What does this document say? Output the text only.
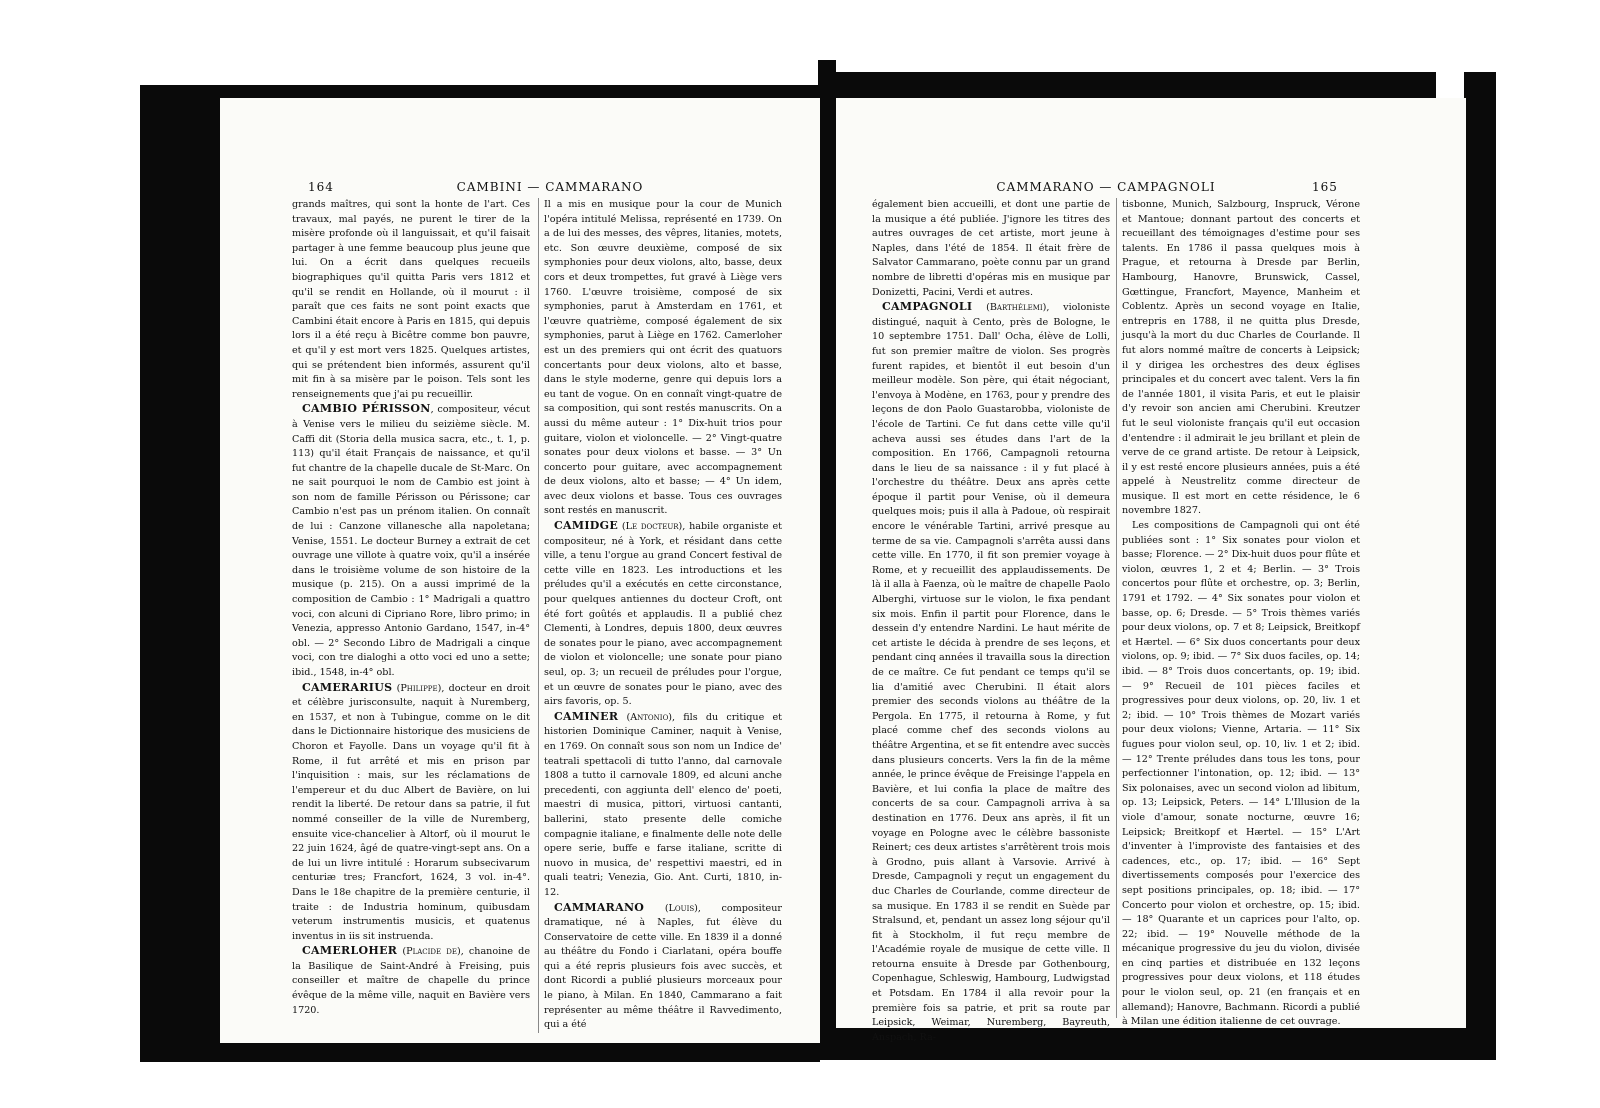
164	CAMBINI — CAMMARANO

grands maîtres, qui sont la honte de l'art. Ces travaux, mal payés, ne purent le tirer de la misère profonde où il languissait, et qu'il faisait partager à une femme beaucoup plus jeune que lui. On a écrit dans quelques recueils biographiques qu'il quitta Paris vers 1812 et qu'il se rendit en Hollande, où il mourut : il paraît que ces faits ne sont point exacts que Cambini était encore à Paris en 1815, qui depuis lors il a été reçu à Bicêtre comme bon pauvre, et qu'il y est mort vers 1825. Quelques artistes, qui se prétendent bien informés, assurent qu'il mit fin à sa misère par le poison. Tels sont les renseignements que j'ai pu recueillir.

CAMBIO PÉRISSON, compositeur, vécut à Venise vers le milieu du seizième siècle. M. Caffi dit (Storia della musica sacra, etc., t. 1, p. 113) qu'il était Français de naissance, et qu'il fut chantre de la chapelle ducale de St-Marc. On ne sait pourquoi le nom de Cambio est joint à son nom de famille Périsson ou Périssone; car Cambio n'est pas un prénom italien. On connaît de lui : Canzone villanesche alla napoletana; Venise, 1551. Le docteur Burney a extrait de cet ouvrage une villote à quatre voix, qu'il a insérée dans le troisième volume de son histoire de la musique (p. 215). On a aussi imprimé de la composition de Cambio : 1° Madrigali a quattro voci, con alcuni di Cipriano Rore, libro primo; in Venezia, appresso Antonio Gardano, 1547, in-4° obl. — 2° Secondo Libro de Madrigali a cinque voci, con tre dialoghi a otto voci ed uno a sette; ibid., 1548, in-4° obl.

CAMERARIUS (Philippe), docteur en droit et célèbre jurisconsulte, naquit à Nuremberg, en 1537, et non à Tubingue, comme on le dit dans le Dictionnaire historique des musiciens de Choron et Fayolle. Dans un voyage qu'il fit à Rome, il fut arrêté et mis en prison par l'inquisition : mais, sur les réclamations de l'empereur et du duc Albert de Bavière, on lui rendit la liberté. De retour dans sa patrie, il fut nommé conseiller de la ville de Nuremberg, ensuite vice-chancelier à Altorf, où il mourut le 22 juin 1624, âgé de quatre-vingt-sept ans. On a de lui un livre intitulé : Horarum subsecivarum centuriæ tres; Francfort, 1624, 3 vol. in-4°. Dans le 18e chapitre de la première centurie, il traite : de Industria hominum, quibusdam veterum instrumentis musicis, et quatenus inventus in iis sit instruenda.

CAMERLOHER (Placide de), chanoine de la Basilique de Saint-André à Freising, puis conseiller et maître de chapelle du prince évêque de la même ville, naquit en Bavière vers 1720.

Il a mis en musique pour la cour de Munich l'opéra intitulé Melissa, représenté en 1739. On a de lui des messes, des vêpres, litanies, motets, etc. Son œuvre deuxième, composé de six symphonies pour deux violons, alto, basse, deux cors et deux trompettes, fut gravé à Liège vers 1760. L'œuvre troisième, composé de six symphonies, parut à Amsterdam en 1761, et l'œuvre quatrième, composé également de six symphonies, parut à Liège en 1762. Camerloher est un des premiers qui ont écrit des quatuors concertants pour deux violons, alto et basse, dans le style moderne, genre qui depuis lors a eu tant de vogue. On en connaît vingt-quatre de sa composition, qui sont restés manuscrits. On a aussi du même auteur : 1° Dix-huit trios pour guitare, violon et violoncelle. — 2° Vingt-quatre sonates pour deux violons et basse. — 3° Un concerto pour guitare, avec accompagnement de deux violons, alto et basse; — 4° Un idem, avec deux violons et basse. Tous ces ouvrages sont restés en manuscrit.

CAMIDGE (Le docteur), habile organiste et compositeur, né à York, et résidant dans cette ville, a tenu l'orgue au grand Concert festival de cette ville en 1823. Les introductions et les préludes qu'il a exécutés en cette circonstance, pour quelques antiennes du docteur Croft, ont été fort goûtés et applaudis. Il a publié chez Clementi, à Londres, depuis 1800, deux œuvres de sonates pour le piano, avec accompagnement de violon et violoncelle; une sonate pour piano seul, op. 3; un recueil de préludes pour l'orgue, et un œuvre de sonates pour le piano, avec des airs favoris, op. 5.

CAMINER (Antonio), fils du critique et historien Dominique Caminer, naquit à Venise, en 1769. On connaît sous son nom un Indice de' teatrali spettacoli di tutto l'anno, dal carnovale 1808 a tutto il carnovale 1809, ed alcuni anche precedenti, con aggiunta dell' elenco de' poeti, maestri di musica, pittori, virtuosi cantanti, ballerini, stato presente delle comiche compagnie italiane, e finalmente delle note delle opere serie, buffe e farse italiane, scritte di nuovo in musica, de' respettivi maestri, ed in quali teatri; Venezia, Gio. Ant. Curti, 1810, in-12.

CAMMARANO (Louis), compositeur dramatique, né à Naples, fut élève du Conservatoire de cette ville. En 1839 il a donné au théâtre du Fondo i Ciarlatani, opéra bouffe qui a été repris plusieurs fois avec succès, et dont Ricordi a publié plusieurs morceaux pour le piano, à Milan. En 1840, Cammarano a fait représenter au même théâtre il Ravvedimento, qui a été

CAMMARANO — CAMPAGNOLI	165

également bien accueilli, et dont une partie de la musique a été publiée. J'ignore les titres des autres ouvrages de cet artiste, mort jeune à Naples, dans l'été de 1854. Il était frère de Salvator Cammarano, poète connu par un grand nombre de libretti d'opéras mis en musique par Donizetti, Pacini, Verdi et autres.

CAMPAGNOLI (Barthélemi), violoniste distingué, naquit à Cento, près de Bologne, le 10 septembre 1751. Dall' Ocha, élève de Lolli, fut son premier maître de violon. Ses progrès furent rapides, et bientôt il eut besoin d'un meilleur modèle. Son père, qui était négociant, l'envoya à Modène, en 1763, pour y prendre des leçons de don Paolo Guastarobba, violoniste de l'école de Tartini. Ce fut dans cette ville qu'il acheva aussi ses études dans l'art de la composition. En 1766, Campagnoli retourna dans le lieu de sa naissance : il y fut placé à l'orchestre du théâtre. Deux ans après cette époque il partit pour Venise, où il demeura quelques mois; puis il alla à Padoue, où respirait encore le vénérable Tartini, arrivé presque au terme de sa vie. Campagnoli s'arrêta aussi dans cette ville. En 1770, il fit son premier voyage à Rome, et y recueillit des applaudissements. De là il alla à Faenza, où le maître de chapelle Paolo Alberghi, virtuose sur le violon, le fixa pendant six mois. Enfin il partit pour Florence, dans le dessein d'y entendre Nardini. Le haut mérite de cet artiste le décida à prendre de ses leçons, et pendant cinq années il travailla sous la direction de ce maître. Ce fut pendant ce temps qu'il se lia d'amitié avec Cherubini. Il était alors premier des seconds violons au théâtre de la Pergola. En 1775, il retourna à Rome, y fut placé comme chef des seconds violons au théâtre Argentina, et se fit entendre avec succès dans plusieurs concerts. Vers la fin de la même année, le prince évêque de Freisinge l'appela en Bavière, et lui confia la place de maître des concerts de sa cour. Campagnoli arriva à sa destination en 1776. Deux ans après, il fit un voyage en Pologne avec le célèbre bassoniste Reinert; ces deux artistes s'arrêtèrent trois mois à Grodno, puis allant à Varsovie. Arrivé à Dresde, Campagnoli y reçut un engagement du duc Charles de Courlande, comme directeur de sa musique. En 1783 il se rendit en Suède par Stralsund, et, pendant un assez long séjour qu'il fit à Stockholm, il fut reçu membre de l'Académie royale de musique de cette ville. Il retourna ensuite à Dresde par Gothenbourg, Copenhague, Schleswig, Hambourg, Ludwigstad et Potsdam. En 1784 il alla revoir pour la première fois sa patrie, et prit sa route par Leipsick, Weimar, Nuremberg, Bayreuth, Anspach, Ra-

tisbonne, Munich, Salzbourg, Inspruck, Vérone et Mantoue; donnant partout des concerts et recueillant des témoignages d'estime pour ses talents. En 1786 il passa quelques mois à Prague, et retourna à Dresde par Berlin, Hambourg, Hanovre, Brunswick, Cassel, Gœttingue, Francfort, Mayence, Manheim et Coblentz. Après un second voyage en Italie, entrepris en 1788, il ne quitta plus Dresde, jusqu'à la mort du duc Charles de Courlande. Il fut alors nommé maître de concerts à Leipsick; il y dirigea les orchestres des deux églises principales et du concert avec talent. Vers la fin de l'année 1801, il visita Paris, et eut le plaisir d'y revoir son ancien ami Cherubini. Kreutzer fut le seul violoniste français qu'il eut occasion d'entendre : il admirait le jeu brillant et plein de verve de ce grand artiste. De retour à Leipsick, il y est resté encore plusieurs années, puis a été appelé à Neustrelitz comme directeur de musique. Il est mort en cette résidence, le 6 novembre 1827.

Les compositions de Campagnoli qui ont été publiées sont : 1° Six sonates pour violon et basse; Florence. — 2° Dix-huit duos pour flûte et violon, œuvres 1, 2 et 4; Berlin. — 3° Trois concertos pour flûte et orchestre, op. 3; Berlin, 1791 et 1792. — 4° Six sonates pour violon et basse, op. 6; Dresde. — 5° Trois thèmes variés pour deux violons, op. 7 et 8; Leipsick, Breitkopf et Hærtel. — 6° Six duos concertants pour deux violons, op. 9; ibid. — 7° Six duos faciles, op. 14; ibid. — 8° Trois duos concertants, op. 19; ibid. — 9° Recueil de 101 pièces faciles et progressives pour deux violons, op. 20, liv. 1 et 2; ibid. — 10° Trois thèmes de Mozart variés pour deux violons; Vienne, Artaria. — 11° Six fugues pour violon seul, op. 10, liv. 1 et 2; ibid. — 12° Trente préludes dans tous les tons, pour perfectionner l'intonation, op. 12; ibid. — 13° Six polonaises, avec un second violon ad libitum, op. 13; Leipsick, Peters. — 14° L'Illusion de la viole d'amour, sonate nocturne, œuvre 16; Leipsick; Breitkopf et Hærtel. — 15° L'Art d'inventer à l'improviste des fantaisies et des cadences, etc., op. 17; ibid. — 16° Sept divertissements composés pour l'exercice des sept positions principales, op. 18; ibid. — 17° Concerto pour violon et orchestre, op. 15; ibid. — 18° Quarante et un caprices pour l'alto, op. 22; ibid. — 19° Nouvelle méthode de la mécanique progressive du jeu du violon, divisée en cinq parties et distribuée en 132 leçons progressives pour deux violons, et 118 études pour le violon seul, op. 21 (en français et en allemand); Hanovre, Bachmann. Ricordi a publié à Milan une édition italienne de cet ouvrage.
